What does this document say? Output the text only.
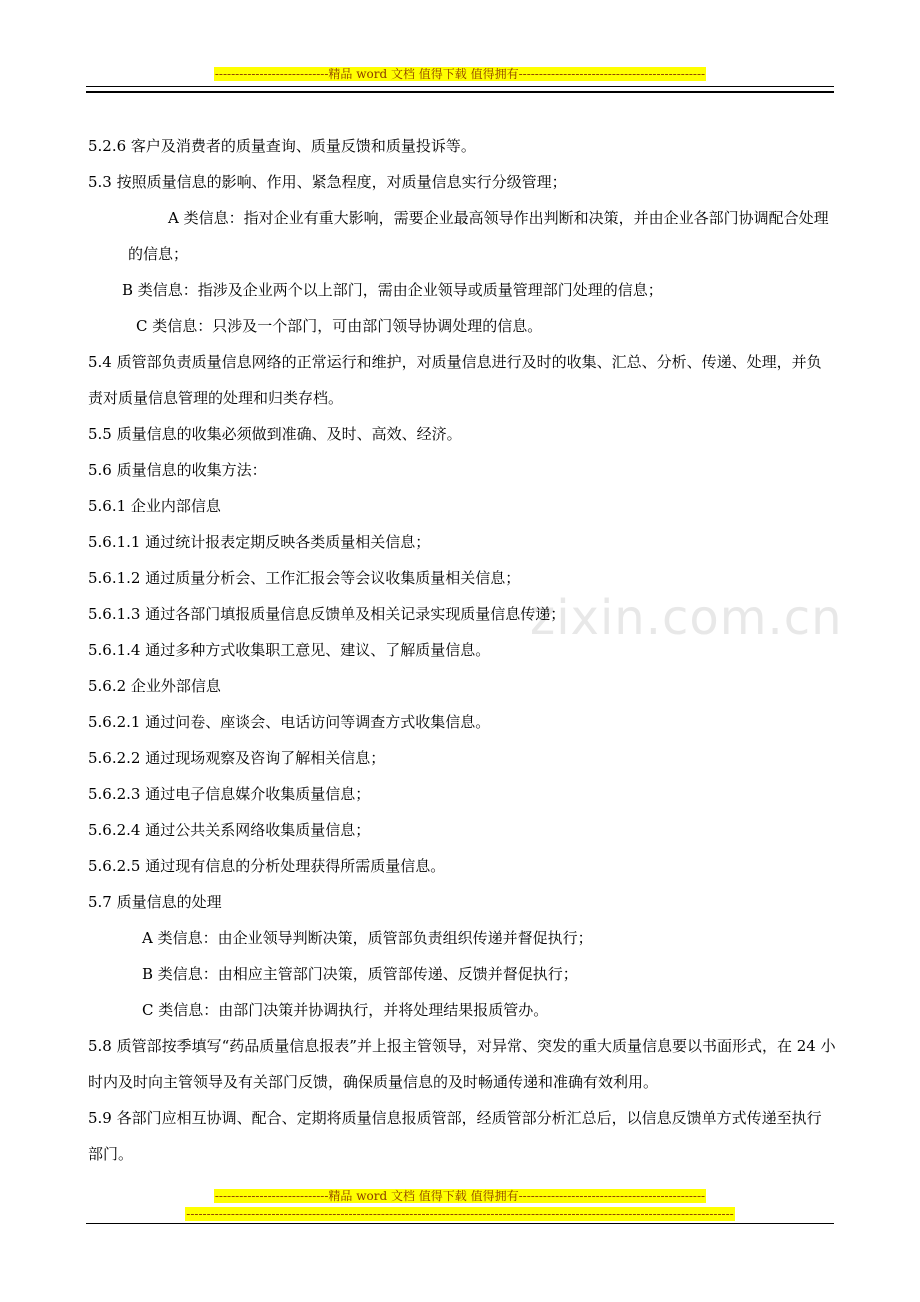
----------------------------精品 word 文档 值得下载 值得拥有----------------------------------------------
zixin.com.cn

5.2.6 客户及消费者的质量查询、质量反馈和质量投诉等。

5.3 按照质量信息的影响、作用、紧急程度，对质量信息实行分级管理；

A 类信息：指对企业有重大影响，需要企业最高领导作出判断和决策，并由企业各部门协调配合处理的信息；

B 类信息：指涉及企业两个以上部门，需由企业领导或质量管理部门处理的信息；

C 类信息：只涉及一个部门，可由部门领导协调处理的信息。

5.4 质管部负责质量信息网络的正常运行和维护，对质量信息进行及时的收集、汇总、分析、传递、处理，并负责对质量信息管理的处理和归类存档。

5.5 质量信息的收集必须做到准确、及时、高效、经济。

5.6 质量信息的收集方法：

5.6.1 企业内部信息

5.6.1.1 通过统计报表定期反映各类质量相关信息；

5.6.1.2 通过质量分析会、工作汇报会等会议收集质量相关信息；

5.6.1.3 通过各部门填报质量信息反馈单及相关记录实现质量信息传递；

5.6.1.4 通过多种方式收集职工意见、建议、了解质量信息。

5.6.2 企业外部信息

5.6.2.1 通过问卷、座谈会、电话访问等调查方式收集信息。

5.6.2.2 通过现场观察及咨询了解相关信息；

5.6.2.3 通过电子信息媒介收集质量信息；

5.6.2.4 通过公共关系网络收集质量信息；

5.6.2.5 通过现有信息的分析处理获得所需质量信息。

5.7 质量信息的处理

A 类信息：由企业领导判断决策，质管部负责组织传递并督促执行；

B 类信息：由相应主管部门决策，质管部传递、反馈并督促执行；

C 类信息：由部门决策并协调执行，并将处理结果报质管办。

5.8 质管部按季填写“药品质量信息报表”并上报主管领导，对异常、突发的重大质量信息要以书面形式，在 24 小时内及时向主管领导及有关部门反馈，确保质量信息的及时畅通传递和准确有效利用。

5.9 各部门应相互协调、配合、定期将质量信息报质管部，经质管部分析汇总后，以信息反馈单方式传递至执行部门。

----------------------------精品 word 文档 值得下载 值得拥有----------------------------------------------
---------------------------------------------------------------------------------------------------------------------------------------
